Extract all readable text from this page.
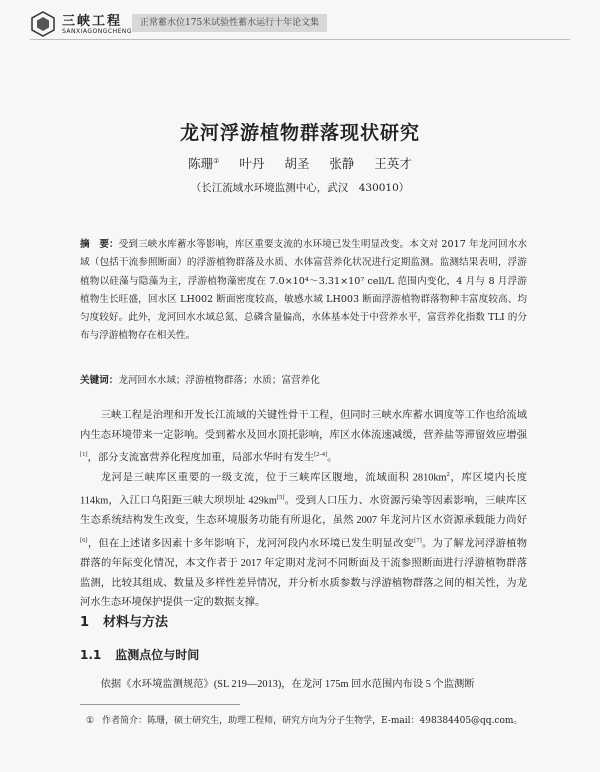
三峡工程
SANXIAGONGCHENG
正常蓄水位175米试验性蓄水运行十年论文集
龙河浮游植物群落现状研究
陈珊① 叶丹 胡圣 张静 王英才
（长江流域水环境监测中心，武汉　430010）
摘　要：受到三峡水库蓄水等影响，库区重要支流的水环境已发生明显改变。本文对 2017 年龙河回水水域（包括干流参照断面）的浮游植物群落及水质、水体富营养化状况进行定期监测。监测结果表明，浮游植物以硅藻与隐藻为主，浮游植物藻密度在 7.0×10⁴～3.31×10⁷ cell/L 范围内变化，4 月与 8 月浮游植物生长旺盛，回水区 LH002 断面密度较高，敏感水域 LH003 断面浮游植物群落物种丰富度较高、均匀度较好。此外，龙河回水水域总氮、总磷含量偏高，水体基本处于中营养水平，富营养化指数 TLI 的分布与浮游植物存在相关性。
关键词：龙河回水水域；浮游植物群落；水质；富营养化

三峡工程是治理和开发长江流域的关键性骨干工程，但同时三峡水库蓄水调度等工作也给流域内生态环境带来一定影响。受到蓄水及回水顶托影响，库区水体流速减缓，营养盐等滞留效应增强[1]，部分支流富营养化程度加重，局部水华时有发生[2-4]。

龙河是三峡库区重要的一级支流，位于三峡库区腹地，流域面积 $2810km^2$，库区境内长度 114km，入江口乌阳距三峡大坝坝址 429km[5]。受到人口压力、水资源污染等因素影响，三峡库区生态系统结构发生改变，生态环境服务功能有所退化，虽然 2007 年龙河片区水资源承载能力尚好[6]，但在上述诸多因素十多年影响下，龙河河段内水环境已发生明显改变[7]。为了解龙河浮游植物群落的年际变化情况，本文作者于 2017 年定期对龙河不同断面及干流参照断面进行浮游植物群落监测，比较其组成、数量及多样性差异情况，并分析水质参数与浮游植物群落之间的相关性，为龙河水生态环境保护提供一定的数据支撑。

1 材料与方法
1.1 监测点位与时间

依据《水环境监测规范》(SL 219—2013)，在龙河 175m 回水范围内布设 5 个监测断

① 作者简介：陈珊，硕士研究生，助理工程师，研究方向为分子生物学，E-mail：498384405@qq.com。
